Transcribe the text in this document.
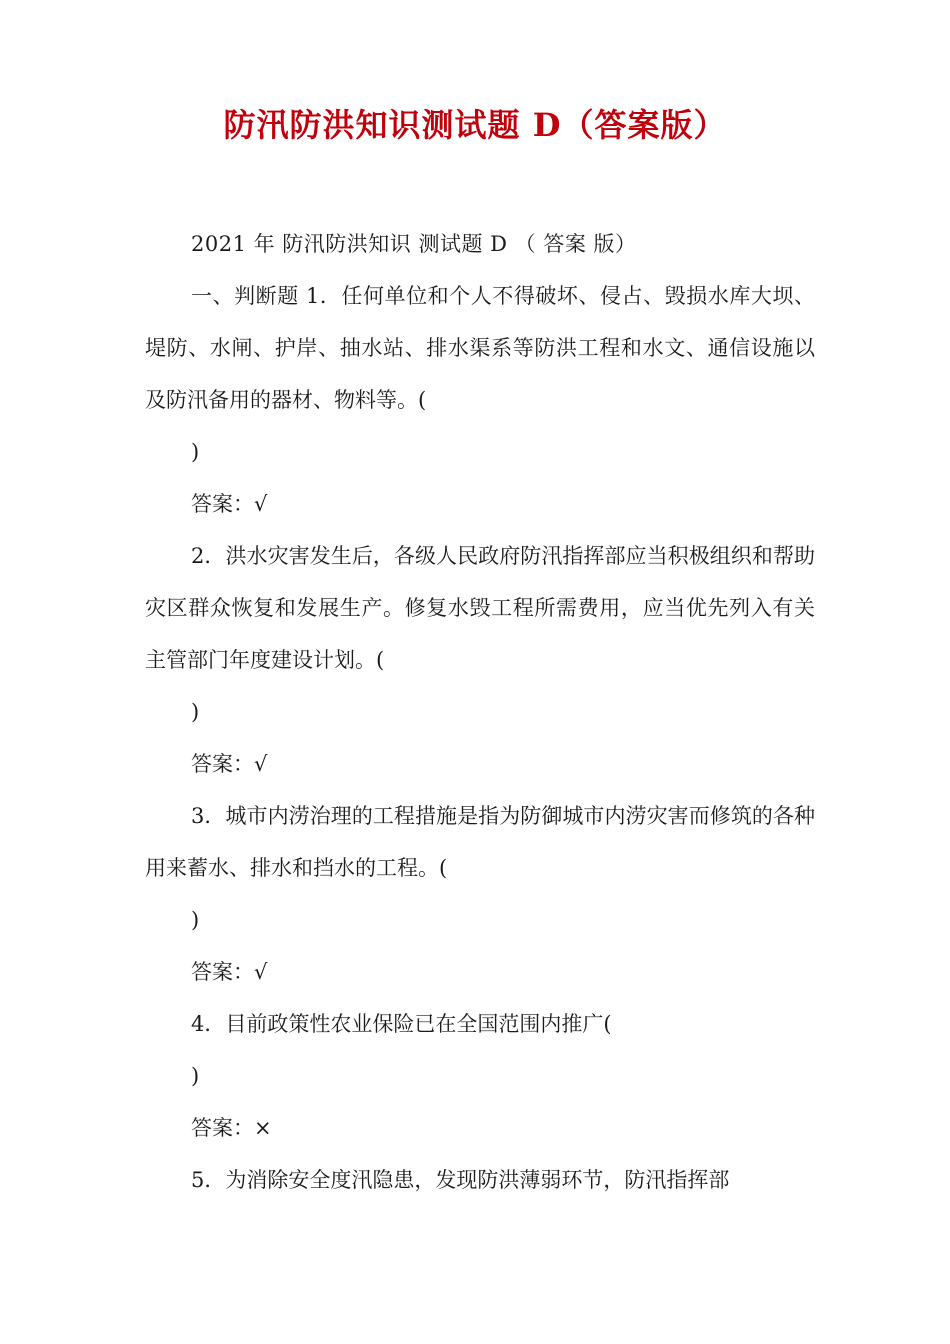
防汛防洪知识测试题 D（答案版）

2021 年 防汛防洪知识 测试题 D （ 答案 版）

一、判断题 1．任何单位和个人不得破坏、侵占、毁损水库大坝、堤防、水闸、护岸、抽水站、排水渠系等防洪工程和水文、通信设施以及防汛备用的器材、物料等。(

)

答案：√

2．洪水灾害发生后，各级人民政府防汛指挥部应当积极组织和帮助灾区群众恢复和发展生产。修复水毁工程所需费用，应当优先列入有关主管部门年度建设计划。(

)

答案：√

3．城市内涝治理的工程措施是指为防御城市内涝灾害而修筑的各种用来蓄水、排水和挡水的工程。(

)

答案：√

4．目前政策性农业保险已在全国范围内推广(

)

答案：×

5．为消除安全度汛隐患，发现防洪薄弱环节，防汛指挥部
